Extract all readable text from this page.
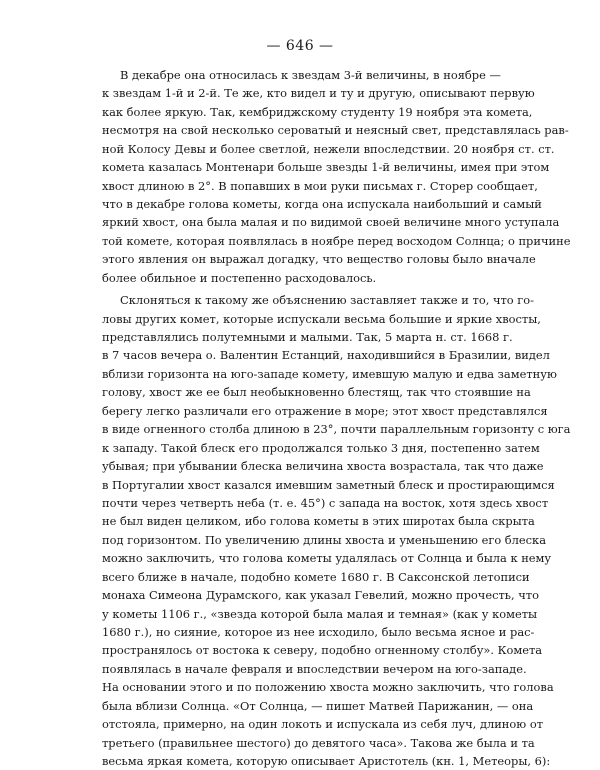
— 646 —
В декабре она относилась к звездам 3-й величины, в ноябре —
к звездам 1-й и 2-й. Те же, кто видел и ту и другую, описывают первую
как более яркую. Так, кембриджскому студенту 19 ноября эта комета,
несмотря на свой несколько сероватый и неясный свет, представлялась рав-
ной Колосу Девы и более светлой, нежели впоследствии. 20 ноября ст. ст.
комета казалась Монтенари больше звезды 1-й величины, имея при этом
хвост длиною в 2°. В попавших в мои руки письмах г. Сторер сообщает,
что в декабре голова кометы, когда она испускала наибольший и самый
яркий хвост, она была малая и по видимой своей величине много уступала
той комете, которая появлялась в ноябре перед восходом Солнца; о причине
этого явления он выражал догадку, что вещество головы было вначале
более обильное и постепенно расходовалось.
Склоняться к такому же объяснению заставляет также и то, что го-
ловы других комет, которые испускали весьма большие и яркие хвосты,
представлялись полутемными и малыми. Так, 5 марта н. ст. 1668 г.
в 7 часов вечера о. Валентин Естанций, находившийся в Бразилии, видел
вблизи горизонта на юго-западе комету, имевшую малую и едва заметную
голову, хвост же ее был необыкновенно блестящ, так что стоявшие на
берегу легко различали его отражение в море; этот хвост представлялся
в виде огненного столба длиною в 23°, почти параллельным горизонту с юга
к западу. Такой блеск его продолжался только 3 дня, постепенно затем
убывая; при убывании блеска величина хвоста возрастала, так что даже
в Португалии хвост казался имевшим заметный блеск и простирающимся
почти через четверть неба (т. е. 45°) с запада на восток, хотя здесь хвост
не был виден целиком, ибо голова кометы в этих широтах была скрыта
под горизонтом. По увеличению длины хвоста и уменьшению его блеска
можно заключить, что голова кометы удалялась от Солнца и была к нему
всего ближе в начале, подобно комете 1680 г. В Саксонской летописи
монаха Симеона Дурамского, как указал Гевелий, можно прочесть, что
у кометы 1106 г., «звезда которой была малая и темная» (как у кометы
1680 г.), но сияние, которое из нее исходило, было весьма ясное и рас-
пространялось от востока к северу, подобно огненному столбу». Комета
появлялась в начале февраля и впоследствии вечером на юго-западе.
На основании этого и по положению хвоста можно заключить, что голова
была вблизи Солнца. «От Солнца, — пишет Матвей Парижанин, — она
отстояла, примерно, на один локоть и испускала из себя луч, длиною от
третьего (правильнее шестого) до девятого часа». Такова же была и та
весьма яркая комета, которую описывает Аристотель (кн. 1, Метеоры, 6):
